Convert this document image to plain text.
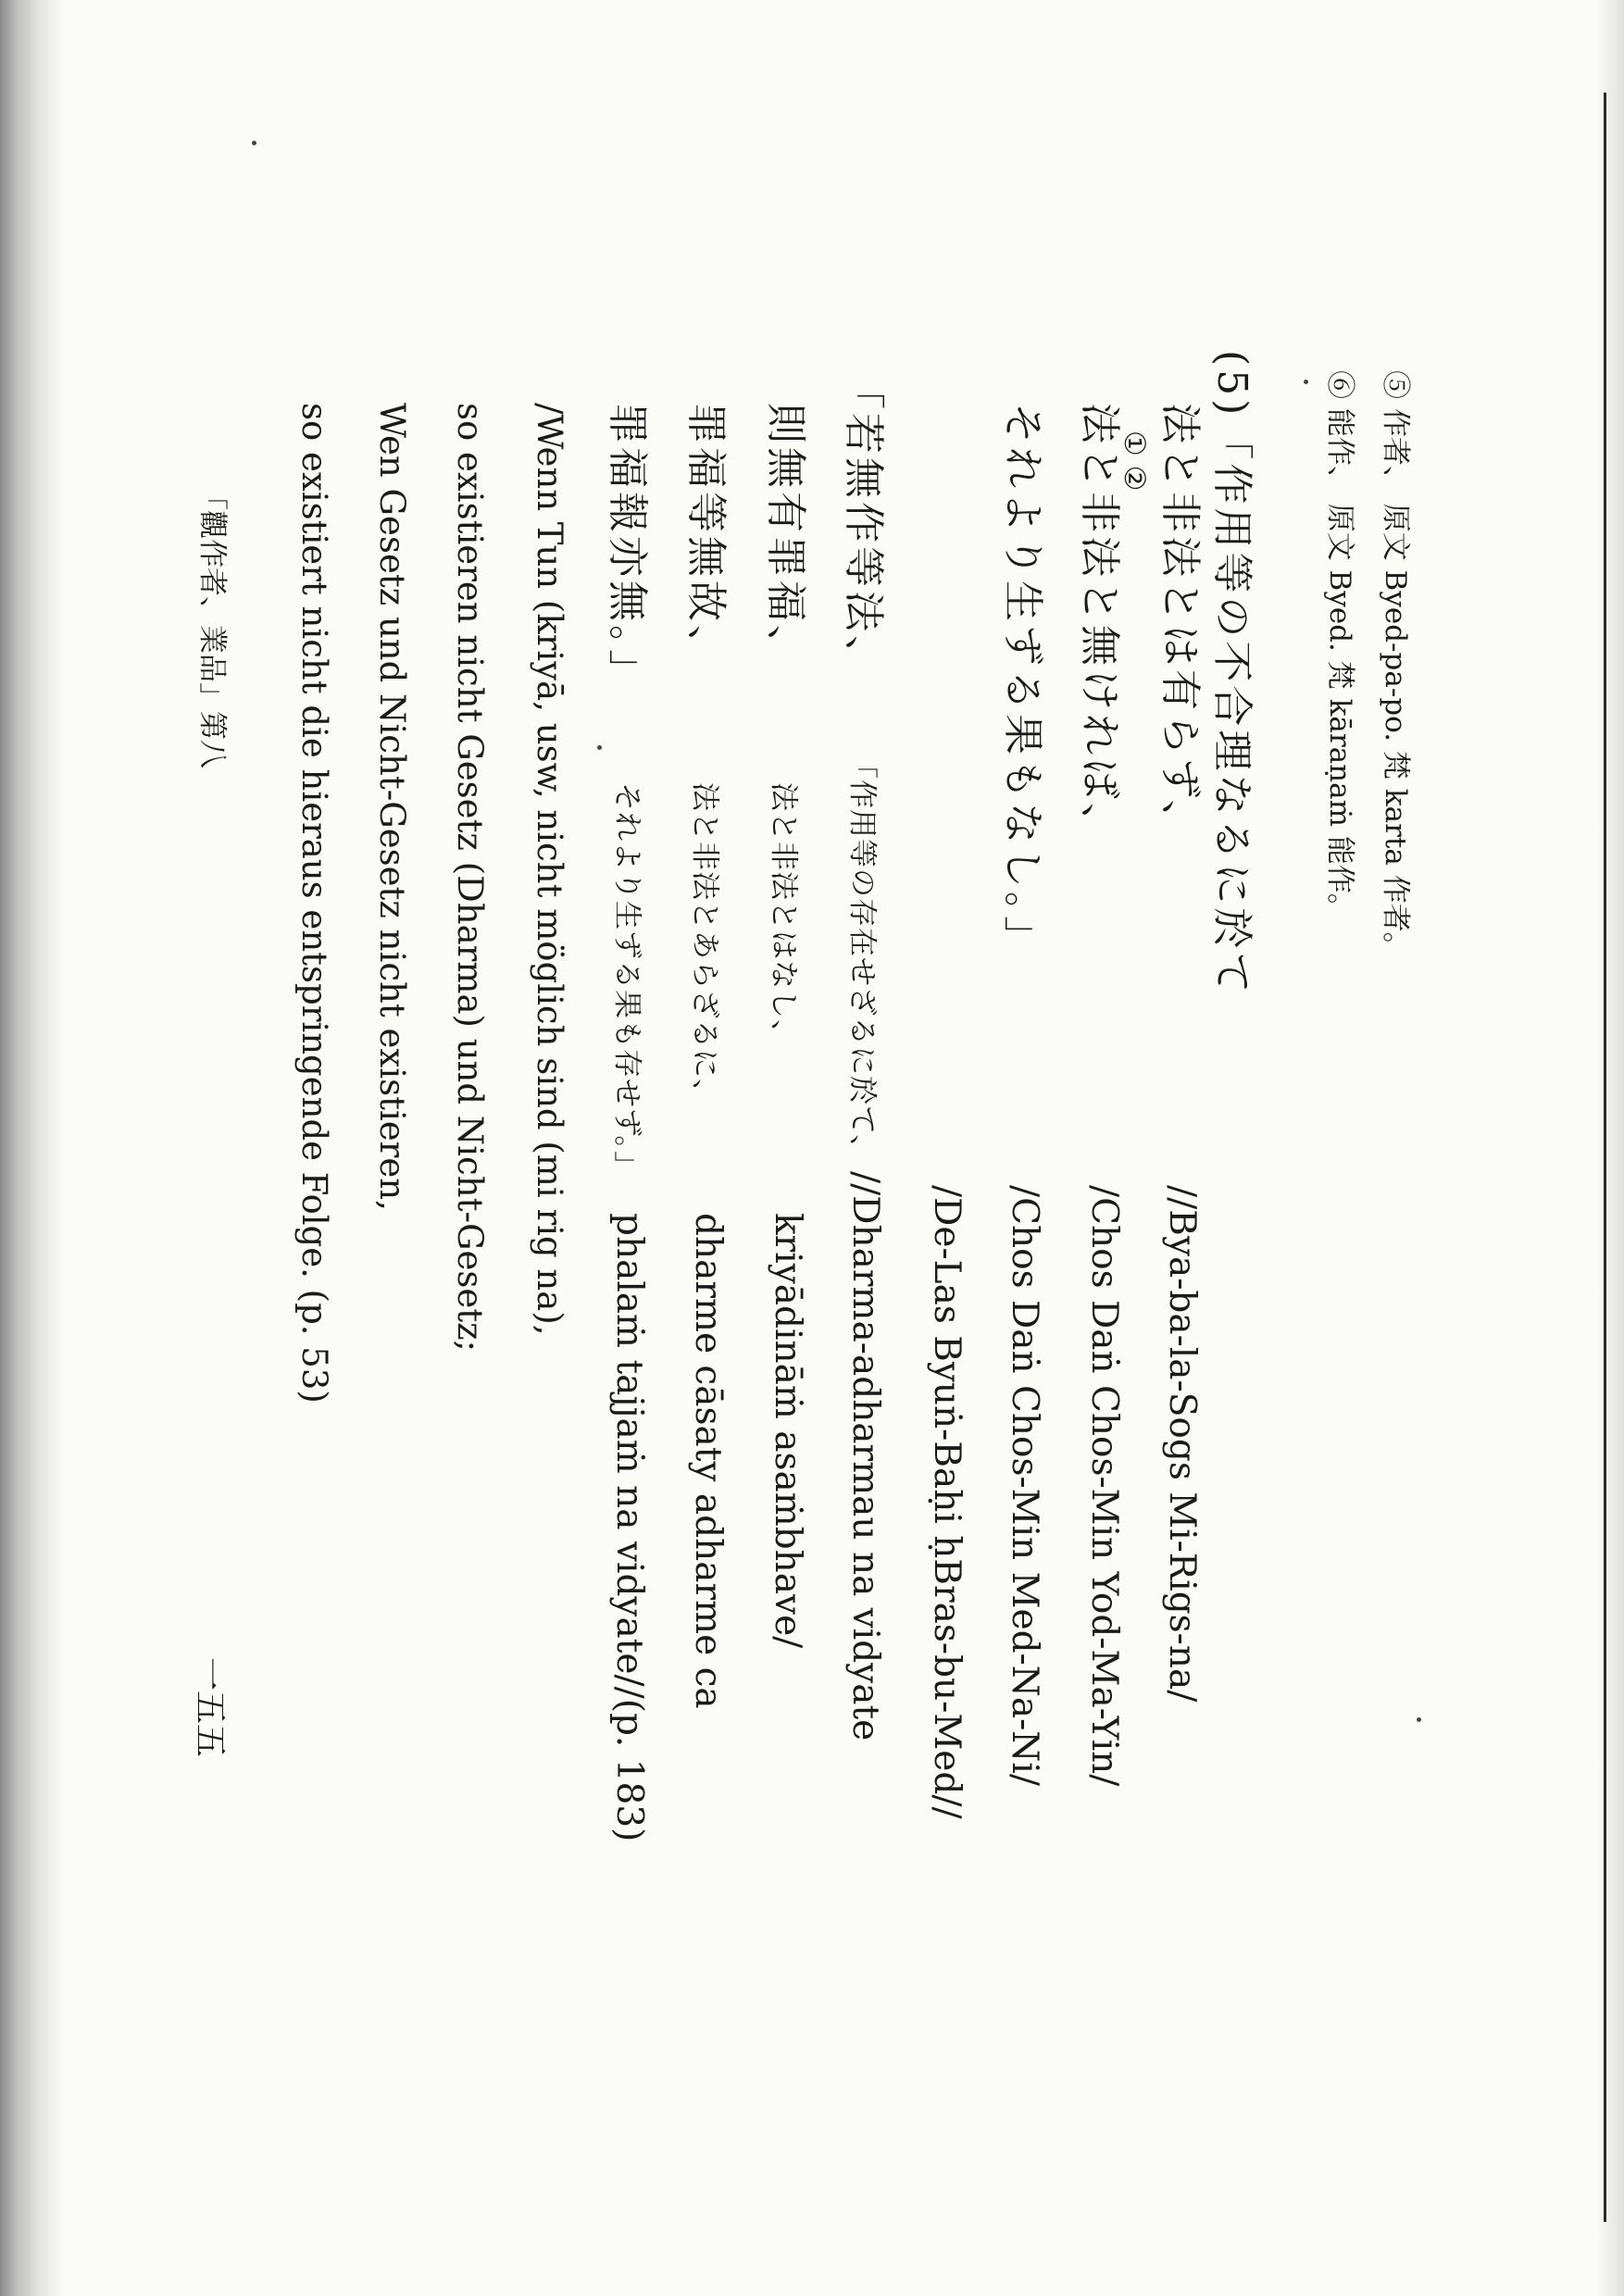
⑤ 作者、 原文 Byed-pa-po. 梵 karta 作者。
⑥ 能作、 原文 Byed. 梵 kāraṇaṁ 能作。
(5)「作用等の不合理なるに於て
法と非法とは有らず、
① ②
法と非法と無ければ、
それより生ずる果もなし。」
//Bya-ba-la-Sogs Mi-Rigs-na/
/Chos Daṅ Chos-Min Yod-Ma-Yin/
/Chos Daṅ Chos-Min Med-Na-Ni/
/De-Las Byuṅ-Baḥi ḥBras-bu-Med//
「若無作等法、
則無有罪福、
罪福等無故、
罪福報亦無。」
「作用等の存在せざるに於て、
法と非法とはなし、
法と非法とあらざるに、
それより生ずる果も存せず。」
//Dharma-adharmau na vidyate
kriyādināṁ asaṁbhave/
dharme cāsaty adharme ca
phalaṁ tajjaṁ na vidyate//(p. 183)
/Wenn Tun (kriyā, usw, nicht möglich sind (mi rig na),
so existieren nicht Gesetz (Dharma) und Nicht-Gesetz;
Wen Gesetz und Nicht-Gesetz nicht existieren,
so existiert nicht die hieraus entspringende Folge. (p. 53)
「觀作者、業品」第八
一五五
